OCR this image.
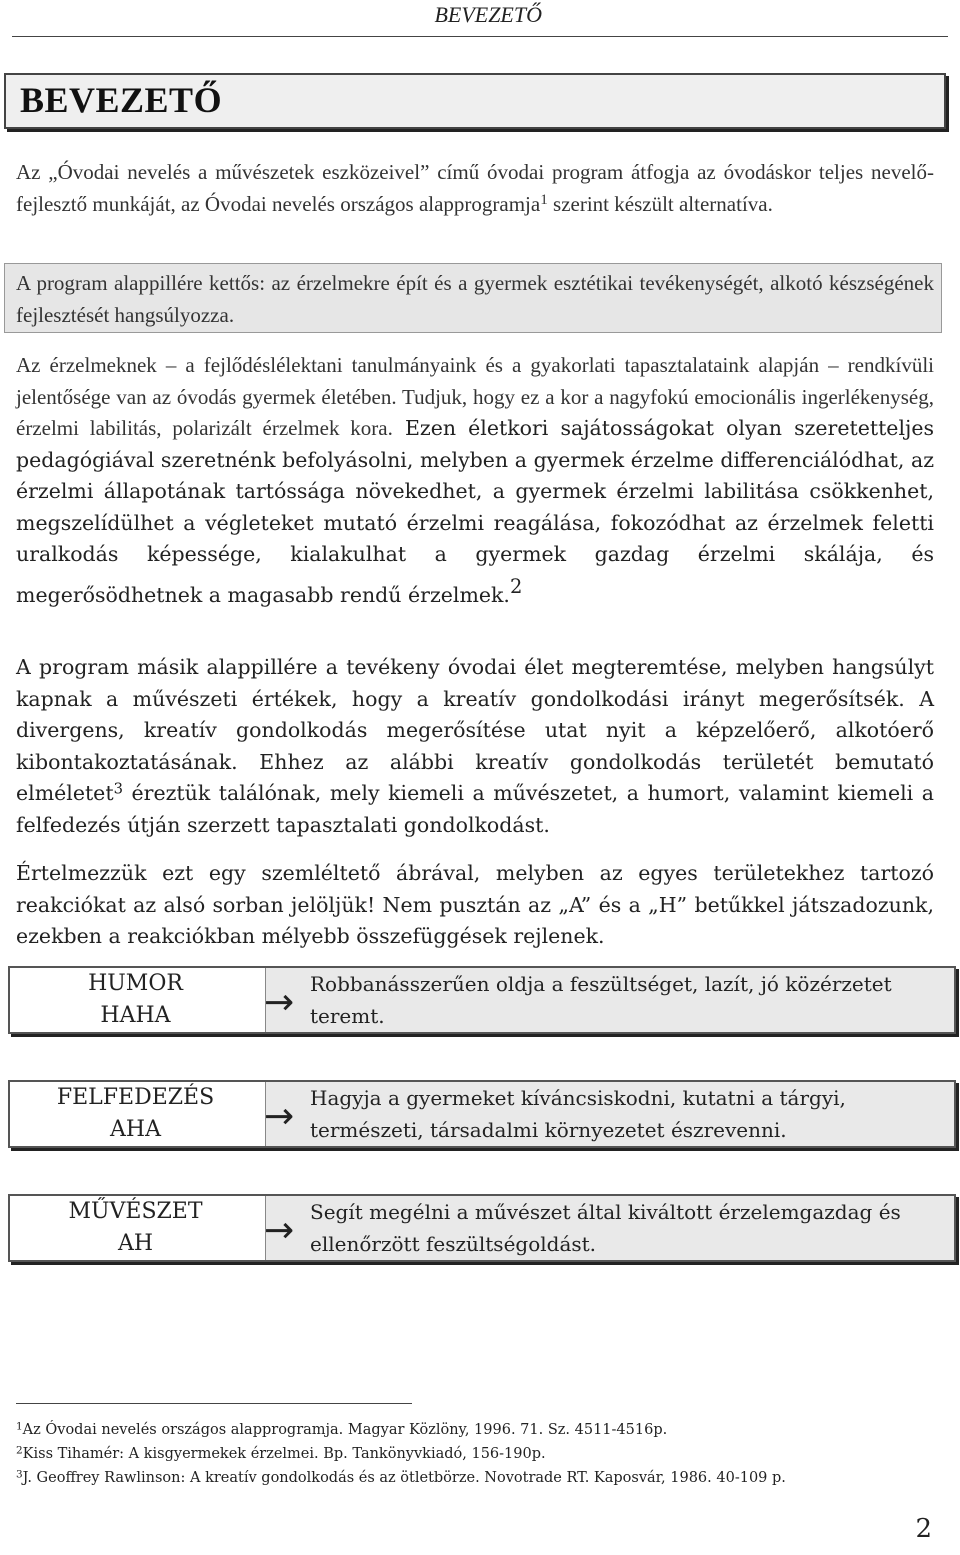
BEVEZETŐ
BEVEZETŐ

Az „Óvodai nevelés a művészetek eszközeivel” című óvodai program átfogja az óvodáskor teljes nevelő-fejlesztő munkáját, az Óvodai nevelés országos alapprogramja$^1$ szerint készült alternatíva.

A program alappillére kettős: az érzelmekre épít és a gyermek esztétikai tevékenységét, alkotó készségének fejlesztését hangsúlyozza.

Az érzelmeknek – a fejlődéslélektani tanulmányaink és a gyakorlati tapasztalataink alapján – rendkívüli jelentősége van az óvodás gyermek életében. Tudjuk, hogy ez a kor a nagyfokú emocionális ingerlékenység, érzelmi labilitás, polarizált érzelmek kora. Ezen életkori sajátosságokat olyan szeretetteljes pedagógiával szeretnénk befolyásolni, melyben a gyermek érzelme differenciálódhat, az érzelmi állapotának tartóssága növekedhet, a gyermek érzelmi labilitása csökkenhet, megszelídülhet a végleteket mutató érzelmi reagálása, fokozódhat az érzelmek feletti uralkodás képessége, kialakulhat a gyermek gazdag érzelmi skálája, és megerősödhetnek a magasabb rendű érzelmek.$^2$

A program másik alappillére a tevékeny óvodai élet megteremtése, melyben hangsúlyt kapnak a művészeti értékek, hogy a kreatív gondolkodási irányt megerősítsék. A divergens, kreatív gondolkodás megerősítése utat nyit a képzelőerő, alkotóerő kibontakoztatásának. Ehhez az alábbi kreatív gondolkodás területét bemutató elméletet$^3$ éreztük találónak, mely kiemeli a művészetet, a humort, valamint kiemeli a felfedezés útján szerzett tapasztalati gondolkodást.

Értelmezzük ezt egy szemléltető ábrával, melyben az egyes területekhez tartozó reakciókat az alsó sorban jelöljük! Nem pusztán az „A” és a „H” betűkkel játszadozunk, ezekben a reakciókban mélyebb összefüggések rejlenek.

HUMOR
HAHA	→ Robbanásszerűen oldja a feszültséget, lazít, jó közérzetet teremt.
FELFEDEZÉS
AHA	→ Hagyja a gyermeket kíváncsiskodni, kutatni a tárgyi, természeti, társadalmi környezetet észrevenni.
MŰVÉSZET
AH	→ Segít megélni a művészet által kiváltott érzelemgazdag és ellenőrzött feszültségoldást.

$^1$Az Óvodai nevelés országos alapprogramja. Magyar Közlöny, 1996. 71. Sz. 4511-4516p.

$^2$Kiss Tihamér: A kisgyermekek érzelmei. Bp. Tankönyvkiadó, 156-190p.

$^3$J. Geoffrey Rawlinson: A kreatív gondolkodás és az ötletbörze. Novotrade RT. Kaposvár, 1986. 40-109 p.

2
